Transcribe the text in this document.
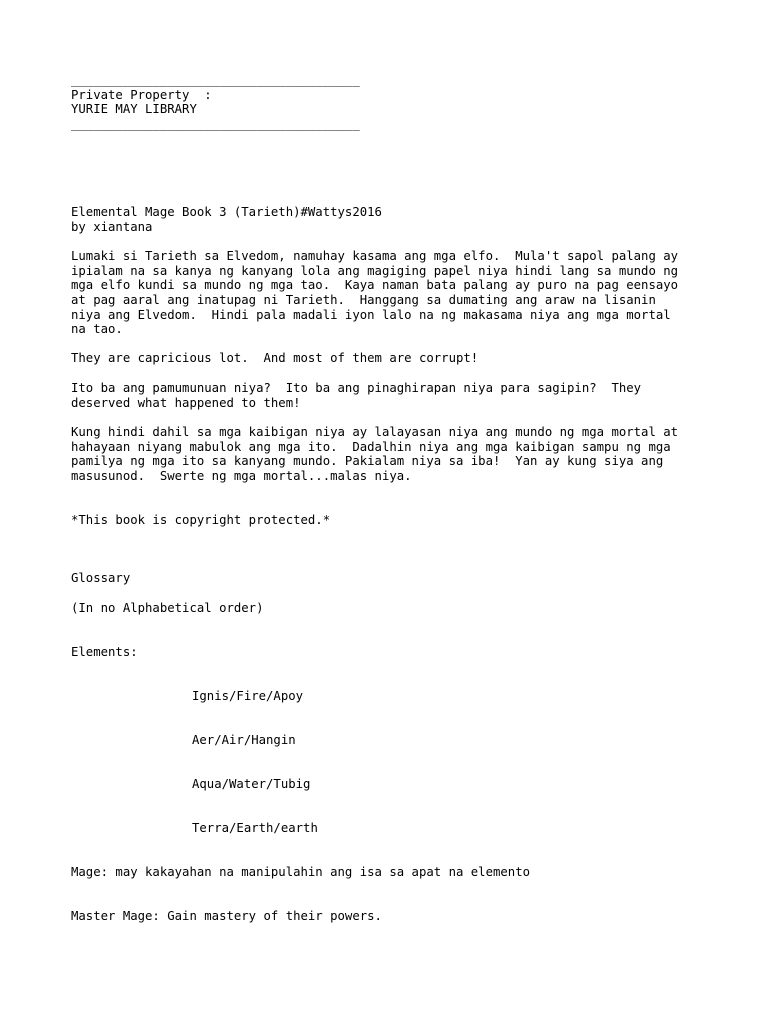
_______________________________________
Private Property  :
YURIE MAY LIBRARY
_______________________________________
Elemental Mage Book 3 (Tarieth)#Wattys2016
by xiantana
Lumaki si Tarieth sa Elvedom, namuhay kasama ang mga elfo.  Mula't sapol palang ay
ipialam na sa kanya ng kanyang lola ang magiging papel niya hindi lang sa mundo ng
mga elfo kundi sa mundo ng mga tao.  Kaya naman bata palang ay puro na pag eensayo
at pag aaral ang inatupag ni Tarieth.  Hanggang sa dumating ang araw na lisanin
niya ang Elvedom.  Hindi pala madali iyon lalo na ng makasama niya ang mga mortal
na tao.
They are capricious lot.  And most of them are corrupt!
Ito ba ang pamumunuan niya?  Ito ba ang pinaghirapan niya para sagipin?  They
deserved what happened to them!
Kung hindi dahil sa mga kaibigan niya ay lalayasan niya ang mundo ng mga mortal at
hahayaan niyang mabulok ang mga ito.  Dadalhin niya ang mga kaibigan sampu ng mga
pamilya ng mga ito sa kanyang mundo. Pakialam niya sa iba!  Yan ay kung siya ang
masusunod.  Swerte ng mga mortal...malas niya.
*This book is copyright protected.*
Glossary
(In no Alphabetical order)
Elements:
Ignis/Fire/Apoy
Aer/Air/Hangin
Aqua/Water/Tubig
Terra/Earth/earth
Mage: may kakayahan na manipulahin ang isa sa apat na elemento
Master Mage: Gain mastery of their powers.
